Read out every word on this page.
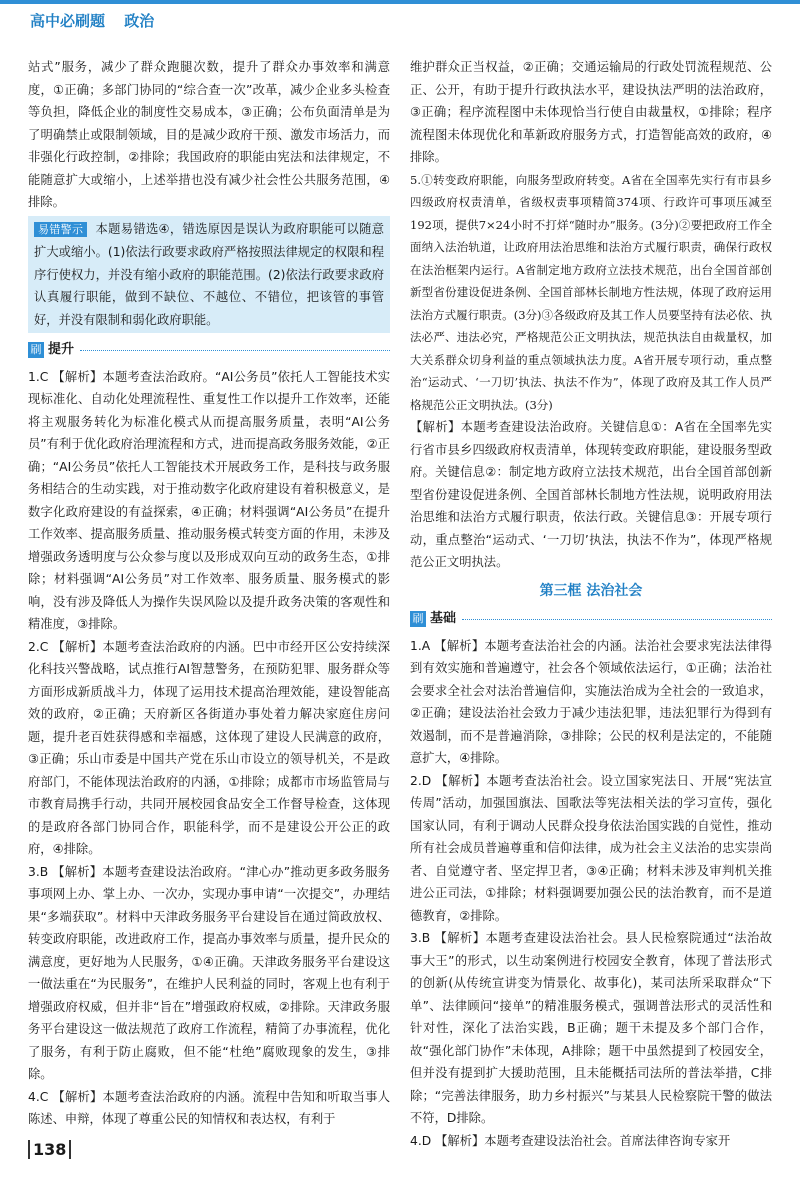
高中必刷题 政治

站式”服务，减少了群众跑腿次数，提升了群众办事效率和满意度，①正确；多部门协同的“综合查一次”改革，减少企业多头检查等负担，降低企业的制度性交易成本，③正确；公布负面清单是为了明确禁止或限制领域，目的是减少政府干预、激发市场活力，而非强化行政控制，②排除；我国政府的职能由宪法和法律规定，不能随意扩大或缩小，上述举措也没有减少社会性公共服务范围，④排除。

易错警示 本题易错选④，错选原因是误认为政府职能可以随意扩大或缩小。(1)依法行政要求政府严格按照法律规定的权限和程序行使权力，并没有缩小政府的职能范围。(2)依法行政要求政府认真履行职能，做到不缺位、不越位、不错位，把该管的事管好，并没有限制和弱化政府职能。
刷 提升

1.C 【解析】本题考查法治政府。“AI公务员”依托人工智能技术实现标准化、自动化处理流程性、重复性工作以提升工作效率，还能将主观服务转化为标准化模式从而提高服务质量，表明“AI公务员”有利于优化政府治理流程和方式，进而提高政务服务效能，②正确；“AI公务员”依托人工智能技术开展政务工作，是科技与政务服务相结合的生动实践，对于推动数字化政府建设有着积极意义，是数字化政府建设的有益探索，④正确；材料强调“AI公务员”在提升工作效率、提高服务质量、推动服务模式转变方面的作用，未涉及增强政务透明度与公众参与度以及形成双向互动的政务生态，①排除；材料强调“AI公务员”对工作效率、服务质量、服务模式的影响，没有涉及降低人为操作失误风险以及提升政务决策的客观性和精准度，③排除。

2.C 【解析】本题考查法治政府的内涵。巴中市经开区公安持续深化科技兴警战略，试点推行AI智慧警务，在预防犯罪、服务群众等方面形成新质战斗力，体现了运用技术提高治理效能，建设智能高效的政府，②正确；天府新区各街道办事处着力解决家庭住房问题，提升老百姓获得感和幸福感，这体现了建设人民满意的政府，③正确；乐山市委是中国共产党在乐山市设立的领导机关，不是政府部门，不能体现法治政府的内涵，①排除；成都市市场监管局与市教育局携手行动，共同开展校园食品安全工作督导检查，这体现的是政府各部门协同合作，职能科学，而不是建设公开公正的政府，④排除。

3.B 【解析】本题考查建设法治政府。“津心办”推动更多政务服务事项网上办、掌上办、一次办，实现办事申请“一次提交”，办理结果“多端获取”。材料中天津政务服务平台建设旨在通过简政放权、转变政府职能，改进政府工作，提高办事效率与质量，提升民众的满意度，更好地为人民服务，①④正确。天津政务服务平台建设这一做法重在“为民服务”，在维护人民利益的同时，客观上也有利于增强政府权威，但并非“旨在”增强政府权威，②排除。天津政务服务平台建设这一做法规范了政府工作流程，精简了办事流程，优化了服务，有利于防止腐败，但不能“杜绝”腐败现象的发生，③排除。

4.C 【解析】本题考查法治政府的内涵。流程中告知和听取当事人陈述、申辩，体现了尊重公民的知情权和表达权，有利于

维护群众正当权益，②正确；交通运输局的行政处罚流程规范、公正、公开，有助于提升行政执法水平，建设执法严明的法治政府，③正确；程序流程图中未体现恰当行使自由裁量权，①排除；程序流程图未体现优化和革新政府服务方式，打造智能高效的政府，④排除。

5.①转变政府职能，向服务型政府转变。A省在全国率先实行有市县乡四级政府权责清单，省级权责事项精简374项、行政许可事项压减至192项，提供7×24小时不打烊“随时办”服务。(3分)②要把政府工作全面纳入法治轨道，让政府用法治思维和法治方式履行职责，确保行政权在法治框架内运行。A省制定地方政府立法技术规范，出台全国首部创新型省份建设促进条例、全国首部林长制地方性法规，体现了政府运用法治方式履行职责。(3分)③各级政府及其工作人员要坚持有法必依、执法必严、违法必究，严格规范公正文明执法，规范执法自由裁量权，加大关系群众切身利益的重点领域执法力度。A省开展专项行动，重点整治“运动式、‘一刀切’执法、执法不作为”，体现了政府及其工作人员严格规范公正文明执法。(3分)

【解析】本题考查建设法治政府。关键信息①：A省在全国率先实行省市县乡四级政府权责清单，体现转变政府职能，建设服务型政府。关键信息②：制定地方政府立法技术规范，出台全国首部创新型省份建设促进条例、全国首部林长制地方性法规，说明政府用法治思维和法治方式履行职责，依法行政。关键信息③：开展专项行动，重点整治“运动式、‘一刀切’执法，执法不作为”，体现严格规范公正文明执法。

第三框 法治社会
刷 基础

1.A 【解析】本题考查法治社会的内涵。法治社会要求宪法法律得到有效实施和普遍遵守，社会各个领域依法运行，①正确；法治社会要求全社会对法治普遍信仰，实施法治成为全社会的一致追求，②正确；建设法治社会致力于减少违法犯罪，违法犯罪行为得到有效遏制，而不是普遍消除，③排除；公民的权利是法定的，不能随意扩大，④排除。

2.D 【解析】本题考查法治社会。设立国家宪法日、开展“宪法宣传周”活动，加强国旗法、国歌法等宪法相关法的学习宣传，强化国家认同，有利于调动人民群众投身依法治国实践的自觉性，推动所有社会成员普遍尊重和信仰法律，成为社会主义法治的忠实崇尚者、自觉遵守者、坚定捍卫者，③④正确；材料未涉及审判机关推进公正司法，①排除；材料强调要加强公民的法治教育，而不是道德教育，②排除。

3.B 【解析】本题考查建设法治社会。县人民检察院通过“法治故事大王”的形式，以生动案例进行校园安全教育，体现了普法形式的创新(从传统宣讲变为情景化、故事化)，某司法所采取群众“下单”、法律顾问“接单”的精准服务模式，强调普法形式的灵活性和针对性，深化了法治实践，B正确；题干未提及多个部门合作，故“强化部门协作”未体现，A排除；题干中虽然提到了校园安全，但并没有提到扩大援助范围，且未能概括司法所的普法举措，C排除；“完善法律服务，助力乡村振兴”与某县人民检察院干警的做法不符，D排除。

4.D 【解析】本题考查建设法治社会。首席法律咨询专家开

138
